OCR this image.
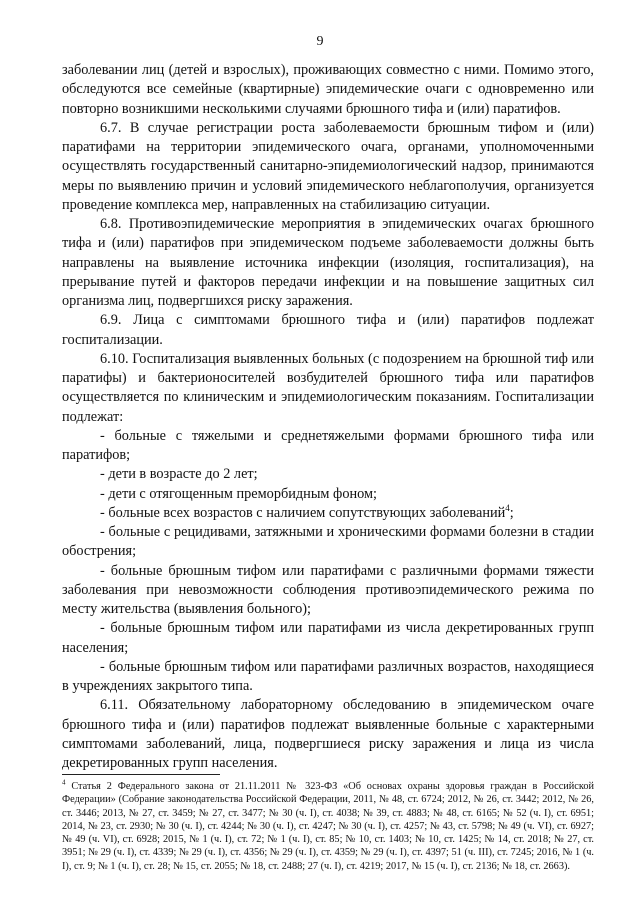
9

заболевании лиц (детей и взрослых), проживающих совместно с ними. Помимо этого, обследуются все семейные (квартирные) эпидемические очаги с одновременно или повторно возникшими несколькими случаями брюшного тифа и (или) паратифов.

6.7. В случае регистрации роста заболеваемости брюшным тифом и (или) паратифами на территории эпидемического очага, органами, уполномоченными осуществлять государственный санитарно-эпидемиологический надзор, принимаются меры по выявлению причин и условий эпидемического неблагополучия, организуется проведение комплекса мер, направленных на стабилизацию ситуации.

6.8. Противоэпидемические мероприятия в эпидемических очагах брюшного тифа и (или) паратифов при эпидемическом подъеме заболеваемости должны быть направлены на выявление источника инфекции (изоляция, госпитализация), на прерывание путей и факторов передачи инфекции и на повышение защитных сил организма лиц, подвергшихся риску заражения.

6.9. Лица с симптомами брюшного тифа и (или) паратифов подлежат госпитализации.

6.10. Госпитализация выявленных больных (с подозрением на брюшной тиф или паратифы) и бактерионосителей возбудителей брюшного тифа или паратифов осуществляется по клиническим и эпидемиологическим показаниям. Госпитализации подлежат:

- больные с тяжелыми и среднетяжелыми формами брюшного тифа или паратифов;

- дети в возрасте до 2 лет;

- дети с отягощенным преморбидным фоном;

- больные всех возрастов с наличием сопутствующих заболеваний$^4$;

- больные с рецидивами, затяжными и хроническими формами болезни в стадии обострения;

- больные брюшным тифом или паратифами с различными формами тяжести заболевания при невозможности соблюдения противоэпидемического режима по месту жительства (выявления больного);

- больные брюшным тифом или паратифами из числа декретированных групп населения;

- больные брюшным тифом или паратифами различных возрастов, находящиеся в учреждениях закрытого типа.

6.11. Обязательному лабораторному обследованию в эпидемическом очаге брюшного тифа и (или) паратифов подлежат выявленные больные с характерными симптомами заболеваний, лица, подвергшиеся риску заражения и лица из числа декретированных групп населения.

$^4$ Статья 2 Федерального закона от 21.11.2011 № 323-ФЗ «Об основах охраны здоровья граждан в Российской Федерации» (Собрание законодательства Российской Федерации, 2011, № 48, ст. 6724; 2012, № 26, ст. 3442; 2012, № 26, ст. 3446; 2013, № 27, ст. 3459; № 27, ст. 3477; № 30 (ч. I), ст. 4038; № 39, ст. 4883; № 48, ст. 6165; № 52 (ч. I), ст. 6951; 2014, № 23, ст. 2930; № 30 (ч. I), ст. 4244; № 30 (ч. I), ст. 4247; № 30 (ч. I), ст. 4257; № 43, ст. 5798; № 49 (ч. VI), ст. 6927; № 49 (ч. VI), ст. 6928; 2015, № 1 (ч. I), ст. 72; № 1 (ч. I), ст. 85; № 10, ст. 1403; № 10, ст. 1425; № 14, ст. 2018; № 27, ст. 3951; № 29 (ч. I), ст. 4339; № 29 (ч. I), ст. 4356; № 29 (ч. I), ст. 4359; № 29 (ч. I), ст. 4397; 51 (ч. III), ст. 7245; 2016, № 1 (ч. I), ст. 9; № 1 (ч. I), ст. 28; № 15, ст. 2055; № 18, ст. 2488; 27 (ч. I), ст. 4219; 2017, № 15 (ч. I), ст. 2136; № 18, ст. 2663).
